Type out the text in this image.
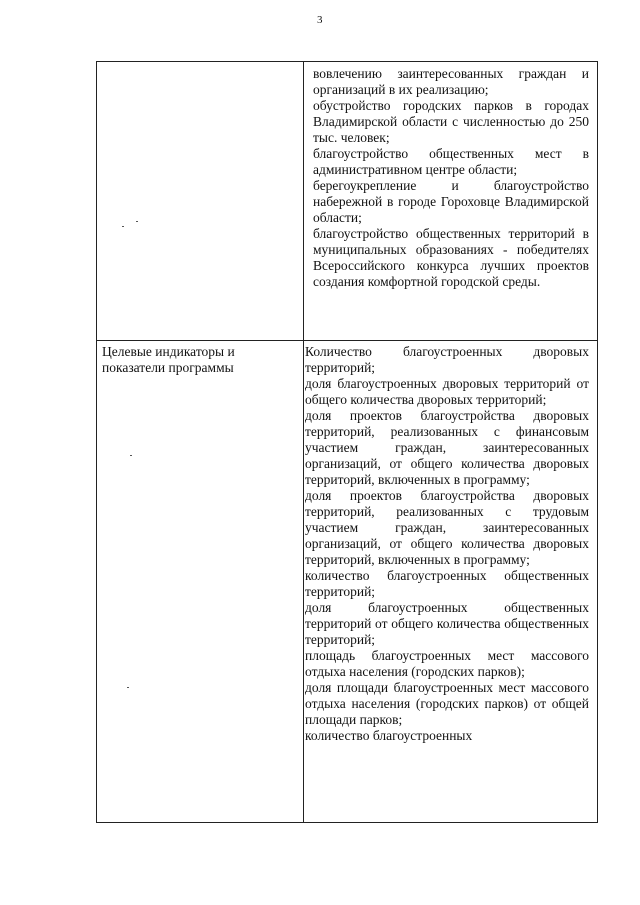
3

вовлечению заинтересованных граждан и организаций в их реализацию;

обустройство городских парков в городах Владимирской области с численностью до 250 тыс. человек;

благоустройство общественных мест в административном центре области;

берегоукрепление и благоустройство набережной в городе Гороховце Владимирской области;

благоустройство общественных территорий в муниципальных образованиях - победителях Всероссийского конкурса лучших проектов создания комфортной городской среды.

Целевые индикаторы и показатели программы

Количество благоустроенных дворовых территорий;

доля благоустроенных дворовых территорий от общего количества дворовых территорий;

доля проектов благоустройства дворовых территорий, реализованных с финансовым участием граждан, заинтересованных организаций, от общего количества дворовых территорий, включенных в программу;

доля проектов благоустройства дворовых территорий, реализованных с трудовым участием граждан, заинтересованных организаций, от общего количества дворовых территорий, включенных в программу;

количество благоустроенных общественных территорий;

доля благоустроенных общественных территорий от общего количества общественных территорий;

площадь благоустроенных мест массового отдыха населения (городских парков);

доля площади благоустроенных мест массового отдыха населения (городских парков) от общей площади парков;

количество благоустроенных
